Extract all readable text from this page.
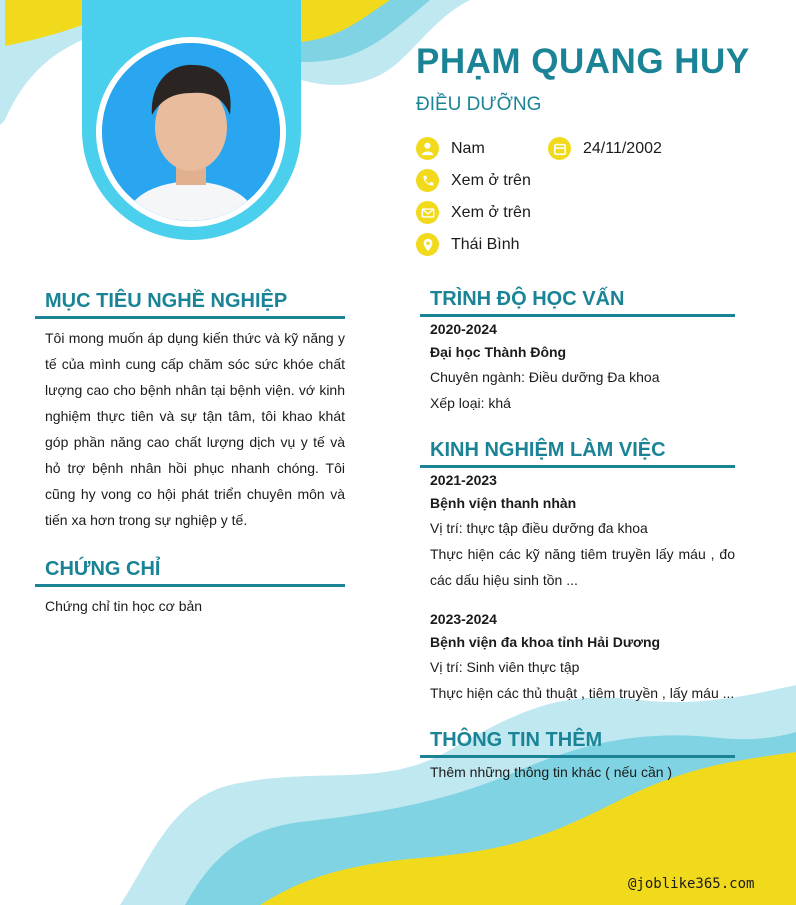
PHẠM QUANG HUY
ĐIỀU DƯỠNG
Nam	24/11/2002
Xem ở trên
Xem ở trên
Thái Bình
MỤC TIÊU NGHỀ NGHIỆP
Tôi mong muốn áp dụng kiến thức và kỹ năng y tế của mình cung cấp chăm sóc sức khóe chất lượng cao cho bệnh nhân tại bệnh viện. vớ kinh nghiệm thực tiên và sự tận tâm, tôi khao khát góp phần năng cao chất lượng dịch vụ y tế và hỏ trợ bệnh nhân hồi phục nhanh chóng. Tôi cũng hy vong co hội phát triển chuyên môn và tiến xa hơn trong sự nghiệp y tế.
CHỨNG CHỈ
Chứng chỉ tin học cơ bản
TRÌNH ĐỘ HỌC VẤN
2020-2024
Đại học Thành Đông
Chuyên ngành: Điều dưỡng Đa khoa
Xếp loại: khá
KINH NGHIỆM LÀM VIỆC
2021-2023
Bệnh viện thanh nhàn
Vị trí: thực tập điều dưỡng đa khoa
Thực hiện các kỹ năng tiêm truyền lấy máu , đo các dấu hiệu sinh tồn ...
2023-2024
Bệnh viện đa khoa tỉnh Hải Dương
Vị trí: Sinh viên thực tập
Thực hiện các thủ thuật , tiêm truyền , lấy máu ...
THÔNG TIN THÊM
Thêm những thông tin khác ( nếu cần )
@joblike365.com
